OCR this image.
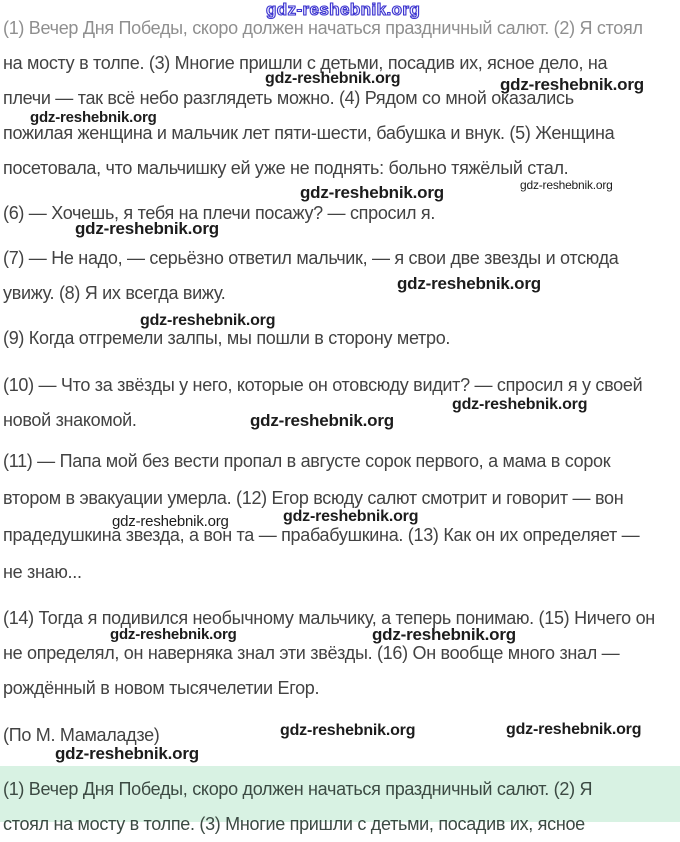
gdz-reshebnik.org
(1) Вечер Дня Победы, скоро должен начаться праздничный салют. (2) Я стоял
на мосту в толпе. (3) Многие пришли с детьми, посадив их, ясное дело, на
плечи — так всё небо разглядеть можно. (4) Рядом со мной оказались
пожилая женщина и мальчик лет пяти-шести, бабушка и внук. (5) Женщина
посетовала, что мальчишку ей уже не поднять: больно тяжёлый стал.
(6) — Хочешь, я тебя на плечи посажу? — спросил я.
(7) — Не надо, — серьёзно ответил мальчик, — я свои две звезды и отсюда
увижу. (8) Я их всегда вижу.
(9) Когда отгремели залпы, мы пошли в сторону метро.
(10) — Что за звёзды у него, которые он отовсюду видит? — спросил я у своей
новой знакомой.
(11) — Папа мой без вести пропал в августе сорок первого, а мама в сорок
втором в эвакуации умерла. (12) Егор всюду салют смотрит и говорит — вон
прадедушкина звезда, а вон та — прабабушкина. (13) Как он их определяет —
не знаю...
(14) Тогда я подивился необычному мальчику, а теперь понимаю. (15) Ничего он
не определял, он наверняка знал эти звёзды. (16) Он вообще много знал —
рождённый в новом тысячелетии Егор.
(По М. Мамаладзе)
(1) Вечер Дня Победы, скоро должен начаться праздничный салют. (2) Я
стоял на мосту в толпе. (3) Многие пришли с детьми, посадив их, ясное
gdz-reshebnik.org	gdz-reshebnik.org
gdz-reshebnik.org
gdz-reshebnik.org
gdz-reshebnik.org
gdz-reshebnik.org
gdz-reshebnik.org
gdz-reshebnik.org
gdz-reshebnik.org
gdz-reshebnik.org
gdz-reshebnik.org
gdz-reshebnik.org
gdz-reshebnik.org	gdz-reshebnik.org
gdz-reshebnik.org	gdz-reshebnik.org
gdz-reshebnik.org
